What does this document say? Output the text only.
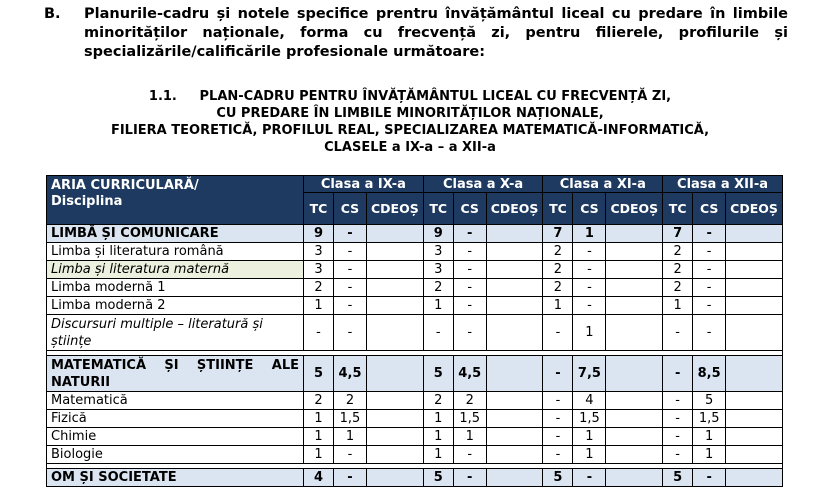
B. Planurile-cadru și notele specifice prentru învățământul liceal cu predare în limbile minorităților naționale, forma cu frecvență zi, pentru filierele, profilurile și specializările/calificările profesionale următoare:
1.1. PLAN-CADRU PENTRU ÎNVĂȚĂMÂNTUL LICEAL CU FRECVENȚĂ ZI,
CU PREDARE ÎN LIMBILE MINORITĂȚILOR NAȚIONALE,
FILIERA TEORETICĂ, PROFILUL REAL, SPECIALIZAREA MATEMATICĂ-INFORMATICĂ,
CLASELE a IX-a – a XII-a
ARIA CURRICULARĂ/
Disciplina	Clasa a IX-a			Clasa a X-a			Clasa a XI-a			Clasa a XII-a		
	TC	CS	CDEOȘ	TC	CS	CDEOȘ	TC	CS	CDEOȘ	TC	CS	CDEOȘ
LIMBĂ ȘI COMUNICARE	9	-		9	-		7	1		7	-	
Limba și literatura română	3	-		3	-		2	-		2	-	
Limba și literatura maternă	3	-		3	-		2	-		2	-	
Limba modernă 1	2	-		2	-		2	-		2	-	
Limba modernă 2	1	-		1	-		1	-		1	-	
Discursuri multiple – literatură și științe	-	-		-	-		-	1		-	-	

MATEMATICĂ ȘI ȘTIINȚE ALE NATURII	5	4,5		5	4,5		-	7,5		-	8,5	
Matematică	2	2		2	2		-	4		-	5	
Fizică	1	1,5		1	1,5		-	1,5		-	1,5	
Chimie	1	1		1	1		-	1		-	1	
Biologie	1	-		1	-		-	1		-	1	

OM ȘI SOCIETATE	4	-		5	-		5	-		5	-	
